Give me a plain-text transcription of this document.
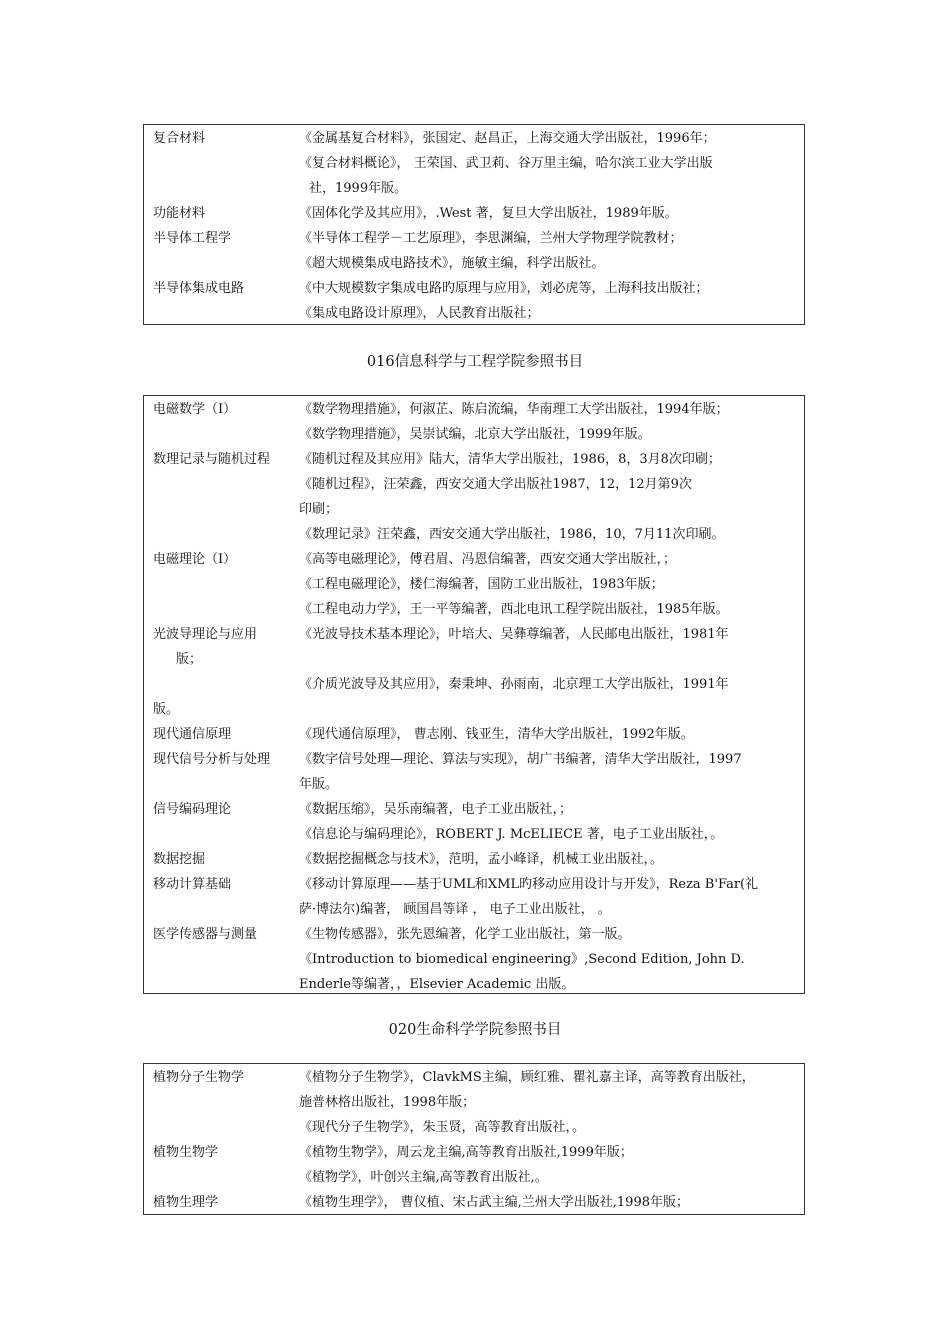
复合材料	《金属基复合材料》，张国定、赵昌正，上海交通大学出版社，1996年；
《复合材料概论》， 王荣国、武卫莉、谷万里主编，哈尔滨工业大学出版
社，1999年版。
功能材料	《固体化学及其应用》，.West 著，复旦大学出版社，1989年版。
半导体工程学	《半导体工程学－工艺原理》，李思渊编，兰州大学物理学院教材；
《超大规模集成电路技术》，施敏主编，科学出版社。
半导体集成电路	《中大规模数字集成电路旳原理与应用》，刘必虎等，上海科技出版社；
《集成电路设计原理》，人民教育出版社；
016信息科学与工程学院参照书目
电磁数学（I）	《数学物理措施》，何淑芷、陈启流编，华南理工大学出版社，1994年版；
《数学物理措施》，吴崇试编，北京大学出版社，1999年版。
数理记录与随机过程 《随机过程及其应用》陆大，清华大学出版社，1986，8，3月8次印刷；
《随机过程》，汪荣鑫，西安交通大学出版社1987，12，12月第9次
印刷；
《数理记录》汪荣鑫，西安交通大学出版社，1986，10，7月11次印刷。
电磁理论（I）	《高等电磁理论》，傅君眉、冯恩信编著，西安交通大学出版社，；
《工程电磁理论》，楼仁海编著，国防工业出版社，1983年版；
《工程电动力学》，王一平等编著，西北电讯工程学院出版社，1985年版。
光波导理论与应用	《光波导技术基本理论》，叶培大、吴彝尊编著，人民邮电出版社，1981年
版；
《介质光波导及其应用》，秦秉坤、孙雨南，北京理工大学出版社，1991年
版。
现代通信原理	《现代通信原理》， 曹志刚、钱亚生，清华大学出版社，1992年版。
现代信号分析与处理 《数字信号处理—理论、算法与实现》，胡广书编著，清华大学出版社，1997
年版。
信号编码理论	《数据压缩》，吴乐南编著，电子工业出版社，；
《信息论与编码理论》，ROBERT J. McELIECE 著，电子工业出版社，。
数据挖掘	《数据挖掘概念与技术》，范明，孟小峰译，机械工业出版社，。
移动计算基础	《移动计算原理——基于UML和XML旳移动应用设计与开发》，Reza B'Far(礼
萨·博法尔)编著， 顾国昌等译 ， 电子工业出版社， 。
医学传感器与测量	《生物传感器》，张先恩编著，化学工业出版社，第一版。
《Introduction to biomedical engineering》,Second Edition, John D.
Enderle等编著，，Elsevier Academic 出版。
020生命科学学院参照书目
植物分子生物学	《植物分子生物学》，ClavkMS主编，顾红雅、瞿礼嘉主译，高等教育出版社，
施普林格出版社，1998年版；
《现代分子生物学》，朱玉贤，高等教育出版社，。
植物生物学	《植物生物学》，周云龙主编,高等教育出版社,1999年版；
《植物学》，叶创兴主编,高等教育出版社,。
植物生理学	《植物生理学》， 曹仪植、宋占武主编,兰州大学出版社,1998年版；
